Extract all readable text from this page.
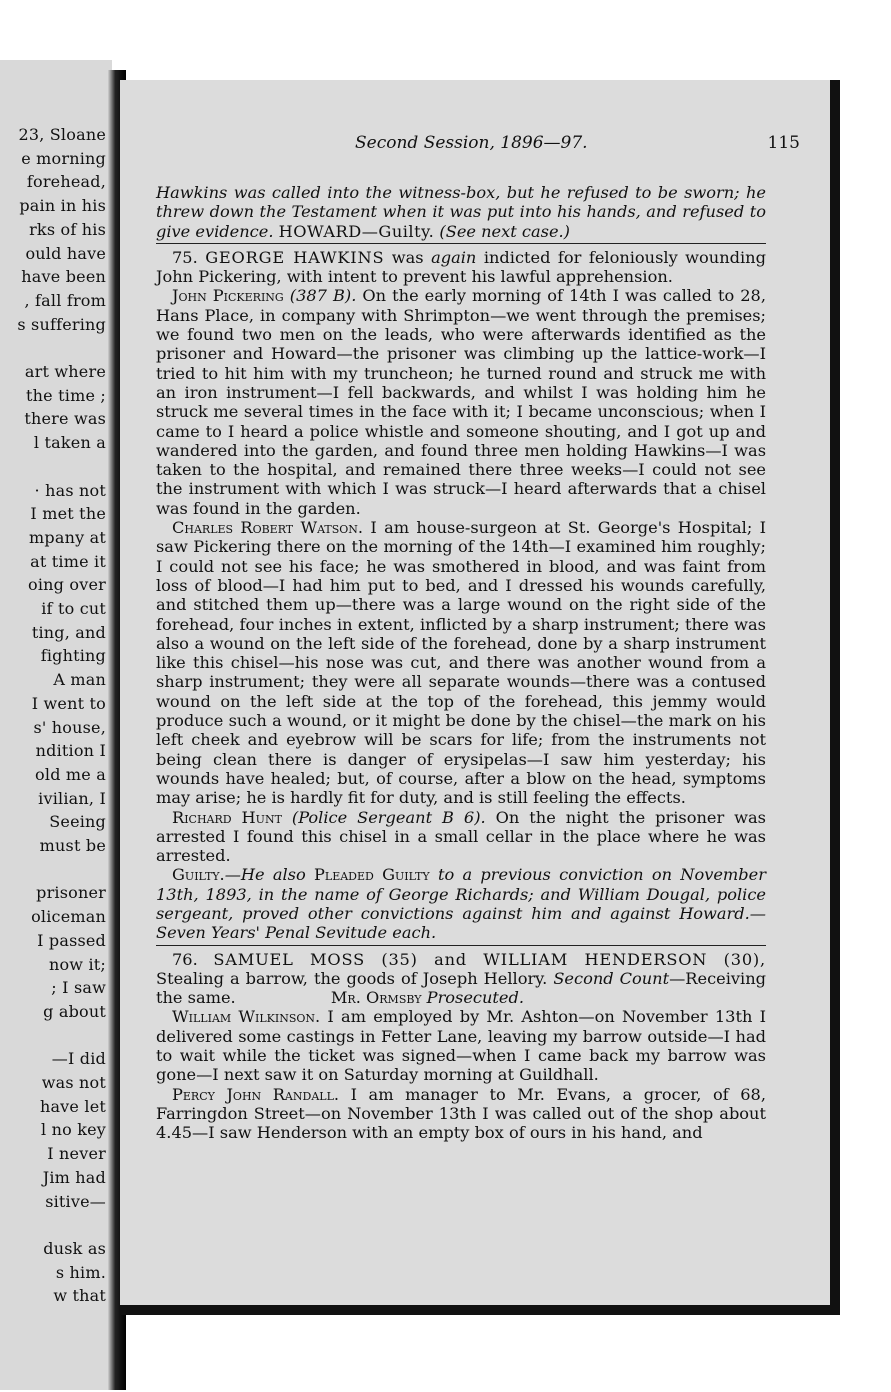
23, Sloane
e morning
forehead,
pain in his
rks of his
ould have
have been
, fall from
s suffering
art where
the time ;
there was
l taken a
· has not
I met the
mpany at
at time it
oing over
if to cut
ting, and
fighting
A man
I went to
s' house,
ndition I
old me a
ivilian, I
Seeing
must be
prisoner
oliceman
I passed
now it;
; I saw
g about
—I did
was not
have let
l no key
I never
Jim had
sitive—
dusk as
s him.
w that
Second Session, 1896—97.	115

Hawkins was called into the witness-box, but he refused to be sworn; he threw down the Testament when it was put into his hands, and refused to give evidence. HOWARD—Guilty. (See next case.)

75. GEORGE HAWKINS was again indicted for feloniously wounding John Pickering, with intent to prevent his lawful apprehension.

John Pickering (387 B). On the early morning of 14th I was called to 28, Hans Place, in company with Shrimpton—we went through the premises; we found two men on the leads, who were afterwards identified as the prisoner and Howard—the prisoner was climbing up the lattice-work—I tried to hit him with my truncheon; he turned round and struck me with an iron instrument—I fell backwards, and whilst I was holding him he struck me several times in the face with it; I became unconscious; when I came to I heard a police whistle and someone shouting, and I got up and wandered into the garden, and found three men holding Hawkins—I was taken to the hospital, and remained there three weeks—I could not see the instrument with which I was struck—I heard afterwards that a chisel was found in the garden.

Charles Robert Watson. I am house-surgeon at St. George's Hospital; I saw Pickering there on the morning of the 14th—I examined him roughly; I could not see his face; he was smothered in blood, and was faint from loss of blood—I had him put to bed, and I dressed his wounds carefully, and stitched them up—there was a large wound on the right side of the forehead, four inches in extent, inflicted by a sharp instrument; there was also a wound on the left side of the forehead, done by a sharp instrument like this chisel—his nose was cut, and there was another wound from a sharp instrument; they were all separate wounds—there was a contused wound on the left side at the top of the forehead, this jemmy would produce such a wound, or it might be done by the chisel—the mark on his left cheek and eyebrow will be scars for life; from the instruments not being clean there is danger of erysipelas—I saw him yesterday; his wounds have healed; but, of course, after a blow on the head, symptoms may arise; he is hardly fit for duty, and is still feeling the effects.

Richard Hunt (Police Sergeant B 6). On the night the prisoner was arrested I found this chisel in a small cellar in the place where he was arrested.

Guilty.—He also Pleaded Guilty to a previous conviction on November 13th, 1893, in the name of George Richards; and William Dougal, police sergeant, proved other convictions against him and against Howard.—Seven Years' Penal Sevitude each.

76. SAMUEL MOSS (35) and WILLIAM HENDERSON (30), Stealing a barrow, the goods of Joseph Hellory. Second Count—Receiving the same.	Mr. Ormsby Prosecuted.

William Wilkinson. I am employed by Mr. Ashton—on November 13th I delivered some castings in Fetter Lane, leaving my barrow outside—I had to wait while the ticket was signed—when I came back my barrow was gone—I next saw it on Saturday morning at Guildhall.

Percy John Randall. I am manager to Mr. Evans, a grocer, of 68, Farringdon Street—on November 13th I was called out of the shop about 4.45—I saw Henderson with an empty box of ours in his hand, and
